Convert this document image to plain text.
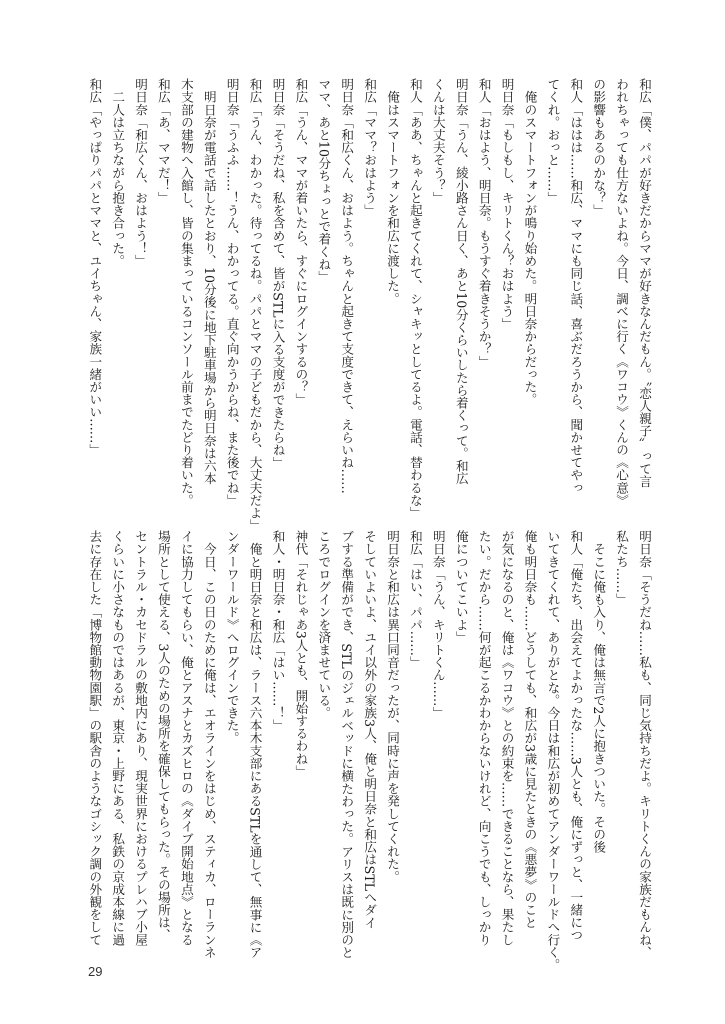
和広「僕、パパが好きだからママが好きなんだもん。〝恋人親子〟って言
われちゃっても仕方ないよね。今日、調べに行く《ワコウ》くんの《心意》
の影響もあるのかな？」
和人「ははは……和広、ママにも同じ話、喜ぶだろうから、聞かせてやっ
てくれ。おっと……」
　俺のスマートフォンが鳴り始めた。明日奈からだった。
明日奈「もしもし、キリトくん？おはよう」
和人「おはよう、明日奈。もうすぐ着きそうか？」
明日奈「うん、綾小路さん日く、あと10分くらいしたら着くって。和広
くんは大丈夫そう？」
和人「ああ、ちゃんと起きてくれて、シャキッとしてるよ。電話、替わるな」
　俺はスマートフォンを和広に渡した。
和広「ママ？おはよう」
明日奈「和広くん、おはよう。ちゃんと起きて支度できて、えらいね……
ママ、あと10分ちょっとで着くね」
和広「うん、ママが着いたら、すぐにログインするの？」
明日奈「そうだね、私を含めて、皆がSTLに入る支度ができたらね」
和広「うん、わかった。待ってるね。パパとママの子どもだから、大丈夫だよ」
明日奈「うふふ……！うん、わかってる。直ぐ向かうからね、また後でね」
　明日奈が電話で話したとおり、10分後に地下駐車場から明日奈は六本
木支部の建物へ入館し、皆の集まっているコンソール前までたどり着いた。
和広「あ、ママだ！」
明日奈「和広くん、おはよう！」
　二人は立ちながら抱き合った。
和広「やっぱりパパとママと、ユイちゃん、家族一緒がいい……」
明日奈「そうだね……私も、同じ気持ちだよ。キリトくんの家族だもんね、
私たち……」
　そこに俺も入り、俺は無言で2人に抱きついた。その後
和人「俺たち、出会えてよかったな……3人とも、俺にずっと、一緒につ
いてきてくれて、ありがとな。今日は和広が初めてアンダーワールドへ行く。
俺も明日奈も……どうしても、和広が3歳に見たときの《悪夢》のこと
が気になるのと、俺は《ワコウ》との約束を……できることなら、果たし
たい。だから……何が起こるかわからないけれど、向こうでも、しっかり
俺についてこいよ」
明日奈「うん、キリトくん……」
和広「はい、パパ……」
明日奈と和広は異口同音だったが、同時に声を発してくれた。
そしていよいよ、ユイ以外の家族3人、俺と明日奈と和広はSTLへダイ
ブする準備ができ、STLのジェルベッドに横たわった。アリスは既に別のと
ころでログインを済ませている。
神代「それじゃあ3人とも、開始するわね」
和人・明日奈・和広「はい……！」
　俺と明日奈と和広は、ラース六本木支部にあるSTLを通して、無事に《ア
ンダーワールド》へログインできた。
　今日、この日のために俺は、エオラインをはじめ、スティカ、ローランネ
イに協力してもらい、俺とアスナとカズヒロの《ダイブ開始地点》となる
場所として使える、3人のための場所を確保してもらった。その場所は、
セントラル・カセドラルの敷地内にあり、現実世界におけるプレハブ小屋
くらいに小さなものではあるが、東京・上野にある、私鉄の京成本線に過
去に存在した「博物館動物園駅」の駅舎のようなゴシック調の外観をして
29
